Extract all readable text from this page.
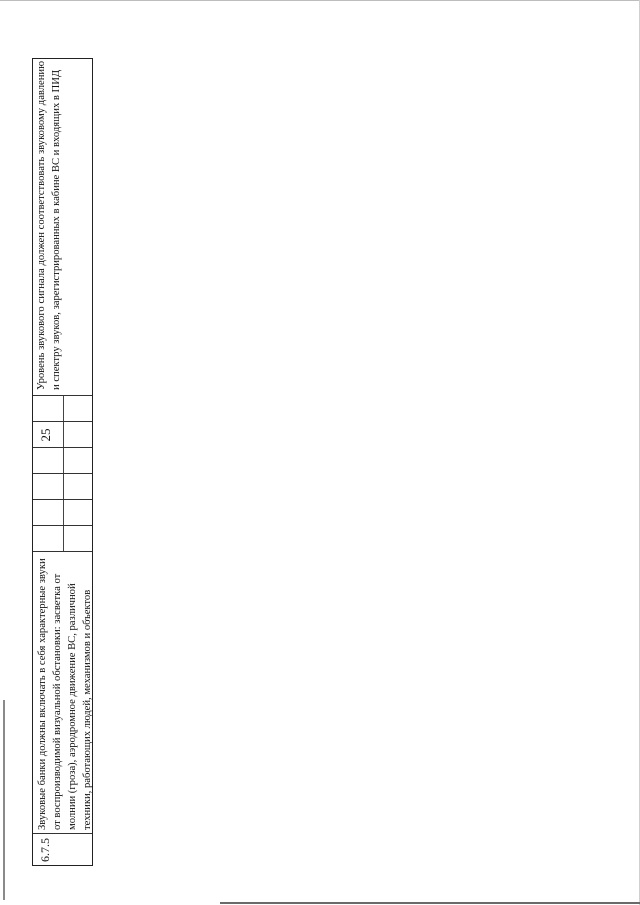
25
6.7.5
Звуковые банки должны включать в себя характерные звуки от воспроизводимой визуальной обстановки: засветка от молнии (гроза), аэродромное движение ВС, различной техники, работающих людей, механизмов и объектов
Уровень звукового сигнала должен соответствовать звуковому давлению и спектру звуков, зарегистрированных в кабине ВС и входящих в ПИД
